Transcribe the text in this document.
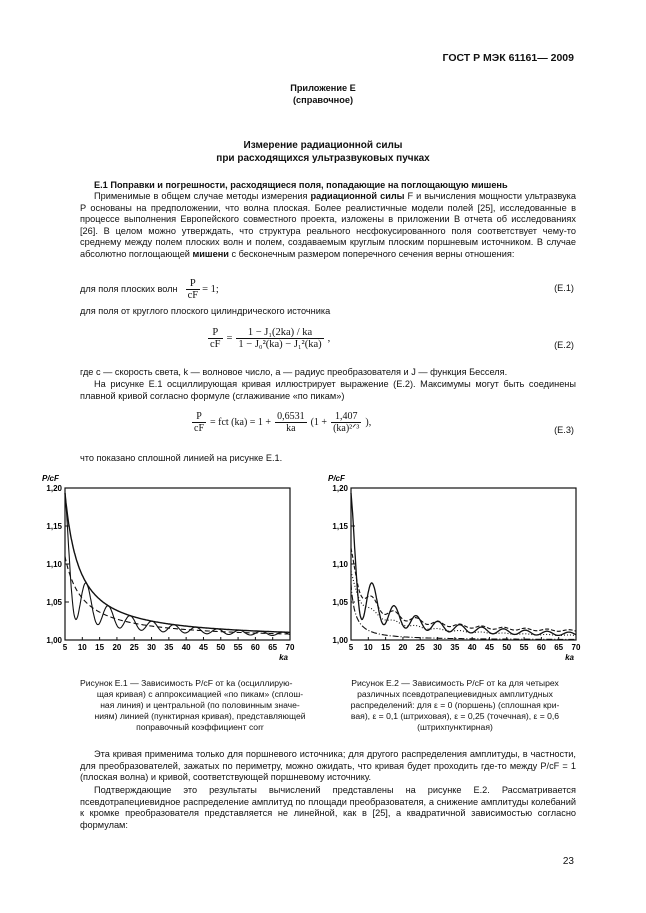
ГОСТ Р МЭК 61161— 2009
Приложение Е
(справочное)
Измерение радиационной силы
при расходящихся ультразвуковых пучках
Е.1 Поправки и погрешности, расходящиеся поля, попадающие на поглощающую мишень
Применимые в общем случае методы измерения радиационной силы F и вычисления мощности ультразвука P основаны на предположении, что волна плоская. Более реалистичные модели полей [25], исследованные в процессе выполнения Европейского совместного проекта, изложены в приложении В отчета об исследованиях [26]. В целом можно утверждать, что структура реального несфокусированного поля соответствует чему-то среднему между полем плоских волн и полем, создаваемым круглым плоским поршневым источником. В случае абсолютно поглощающей мишени с бесконечным размером поперечного сечения верны отношения:
для поля плоских волн $\frac{P}{cF} = 1$;	(Е.1)
для поля от круглого плоского цилиндрического источника
$\frac{P}{cF} = \frac{\text{1 − J₁(2ka) / ka}}{\text{1 − J₀²(ka) − J₁²(ka)}}$ ,
(Е.2)
где c — скорость света, k — волновое число, a — радиус преобразователя и J — функция Бесселя.
На рисунке Е.1 осциллирующая кривая иллюстрирует выражение (Е.2). Максимумы могут быть соединены плавной кривой согласно формуле (сглаживание «по пикам»)
$\frac{P}{cF}$ = fct $(ka) = 1 + \frac{0,6531}{ka} (1 + \frac{1,407}{\text{(ka)²ᐟ³}}$ ),
(Е.3)
что показано сплошной линией на рисунке Е.1.
P/cF
1,00
1,05
1,10
1,15
1,20
5 10 15 20 25 30 35 40 45 50 55 60 65 70
ka
P/cF
1,00
1,05
1,10
1,15
1,20
5 10 15 20 25 30 35 40 45 50 55 60 65 70
ka
Рисунок Е.1 — Зависимость P/cF от ka (осциллирую-
щая кривая) с аппроксимацией «по пикам» (сплош-
ная линия) и центральной (по половинным значе-
ниям) линией (пунктирная кривая), представляющей
поправочный коэффициент corr
Рисунок Е.2 — Зависимость P/cF от ka для четырех
различных псевдотрапециевидных амплитудных
распределений: для ε = 0 (поршень) (сплошная кри-
вая), ε = 0,1 (штриховая), ε = 0,25 (точечная), ε = 0,6
(штрихпунктирная)
Эта кривая применима только для поршневого источника; для другого распределения амплитуды, в частности, для преобразователей, зажатых по периметру, можно ожидать, что кривая будет проходить где-то между P/cF = 1 (плоская волна) и кривой, соответствующей поршневому источнику.
Подтверждающие это результаты вычислений представлены на рисунке Е.2. Рассматривается псевдотрапециевидное распределение амплитуд по площади преобразователя, а снижение амплитуды колебаний к кромке преобразователя представляется не линейной, как в [25], а квадратичной зависимостью согласно формулам:
23
